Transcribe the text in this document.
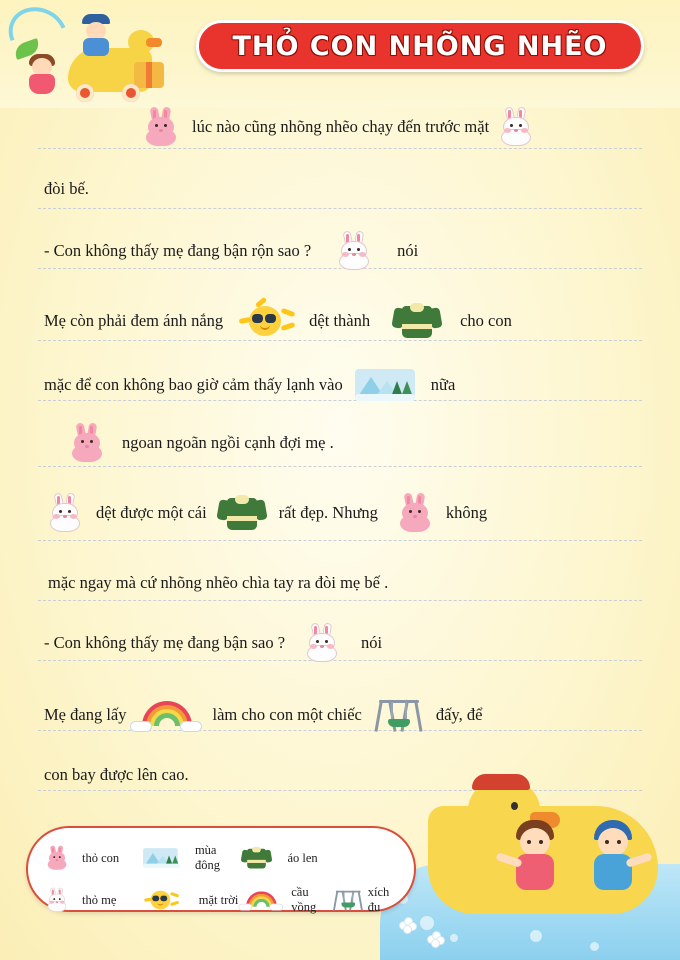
THỎ CON NHÕNG NHẼO
lúc nào cũng nhõng nhẽo chạy đến trước mặt
đòi bế.
- Con không thấy mẹ đang bận rộn sao ?	nói
Mẹ còn phải đem ánh nắng	dệt thành	cho con
mặc để con không bao giờ cảm thấy lạnh vào	nữa
ngoan ngoãn ngồi cạnh đợi mẹ .
dệt được một cái	rất đẹp. Nhưng	không
mặc ngay mà cứ nhõng nhẽo chìa tay ra đòi mẹ bế .
- Con không thấy mẹ đang bận sao ?	nói
Mẹ đang lấy	làm cho con một chiếc	đấy, để
con bay được lên cao.
thỏ con
mùa đông
áo len
thỏ mẹ	mặt trời
cầu vồng
xích đu
